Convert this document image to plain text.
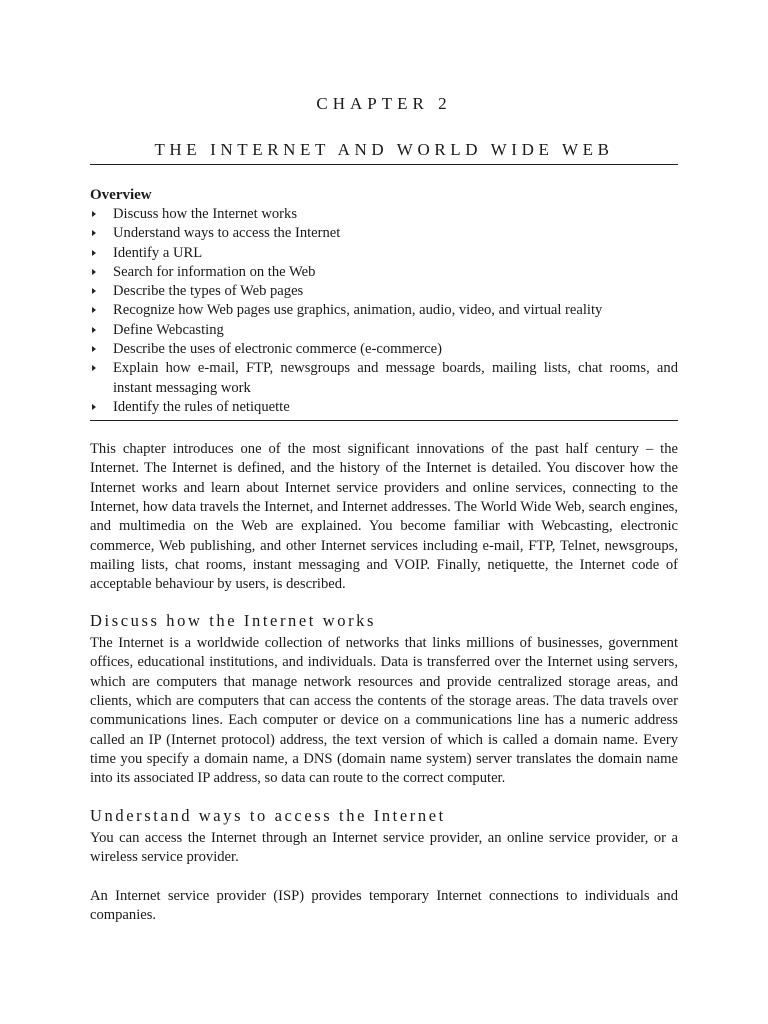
CHAPTER 2
THE INTERNET AND WORLD WIDE WEB
Overview
Discuss how the Internet works
Understand ways to access the Internet
Identify a URL
Search for information on the Web
Describe the types of Web pages
Recognize how Web pages use graphics, animation, audio, video, and virtual reality
Define Webcasting
Describe the uses of electronic commerce (e-commerce)
Explain how e-mail, FTP, newsgroups and message boards, mailing lists, chat rooms, and instant messaging work
Identify the rules of netiquette

This chapter introduces one of the most significant innovations of the past half century – the Internet. The Internet is defined, and the history of the Internet is detailed. You discover how the Internet works and learn about Internet service providers and online services, connecting to the Internet, how data travels the Internet, and Internet addresses. The World Wide Web, search engines, and multimedia on the Web are explained. You become familiar with Webcasting, electronic commerce, Web publishing, and other Internet services including e-mail, FTP, Telnet, newsgroups, mailing lists, chat rooms, instant messaging and VOIP. Finally, netiquette, the Internet code of acceptable behaviour by users, is described.

Discuss how the Internet works

The Internet is a worldwide collection of networks that links millions of businesses, government offices, educational institutions, and individuals. Data is transferred over the Internet using servers, which are computers that manage network resources and provide centralized storage areas, and clients, which are computers that can access the contents of the storage areas. The data travels over communications lines. Each computer or device on a communications line has a numeric address called an IP (Internet protocol) address, the text version of which is called a domain name. Every time you specify a domain name, a DNS (domain name system) server translates the domain name into its associated IP address, so data can route to the correct computer.

Understand ways to access the Internet

You can access the Internet through an Internet service provider, an online service provider, or a wireless service provider.

An Internet service provider (ISP) provides temporary Internet connections to individuals and companies.
